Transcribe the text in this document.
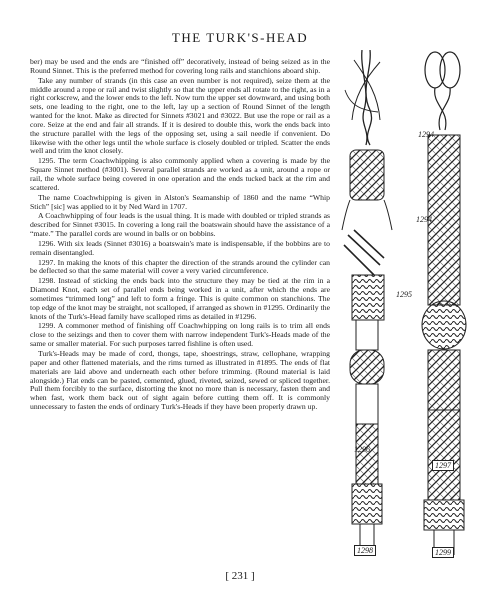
THE TURK'S-HEAD

ber) may be used and the ends are “finished off” decoratively, instead of being seized as in the Round Sinnet. This is the preferred method for covering long rails and stanchions aboard ship.

Take any number of strands (in this case an even number is not required), seize them at the middle around a rope or rail and twist slightly so that the upper ends all rotate to the right, as in a right corkscrew, and the lower ends to the left. Now turn the upper set downward, and using both sets, one leading to the right, one to the left, lay up a section of Round Sinnet of the length wanted for the knot. Make as directed for Sinnets #3021 and #3022. But use the rope or rail as a core. Seize at the end and fair all strands. If it is desired to double this, work the ends back into the structure parallel with the legs of the opposing set, using a sail needle if convenient. Do likewise with the other legs until the whole surface is closely doubled or tripled. Scatter the ends well and trim the knot closely.

1295. The term Coachwhipping is also commonly applied when a covering is made by the Square Sinnet method (#3001). Several parallel strands are worked as a unit, around a rope or rail, the whole surface being covered in one operation and the ends tucked back at the rim and scattered.

The name Coachwhipping is given in Alston's Seamanship of 1860 and the name “Whip Stich” [sic] was applied to it by Ned Ward in 1707.

A Coachwhipping of four leads is the usual thing. It is made with doubled or tripled strands as described for Sinnet #3015. In covering a long rail the boatswain should have the assistance of a “mate.” The parallel cords are wound in balls or on bobbins.

1296. With six leads (Sinnet #3016) a boatswain's mate is indispensable, if the bobbins are to remain disentangled.

1297. In making the knots of this chapter the direction of the strands around the cylinder can be deflected so that the same material will cover a very varied circumference.

1298. Instead of sticking the ends back into the structure they may be tied at the rim in a Diamond Knot, each set of parallel ends being worked in a unit, after which the ends are sometimes “trimmed long” and left to form a fringe. This is quite common on stanchions. The top edge of the knot may be straight, not scalloped, if arranged as shown in #1295. Ordinarily the knots of the Turk's-Head family have scalloped rims as detailed in #1296.

1299. A commoner method of finishing off Coachwhipping on long rails is to trim all ends close to the seizings and then to cover them with narrow independent Turk's-Heads made of the same or smaller material. For such purposes tarred fishline is often used.

Turk's-Heads may be made of cord, thongs, tape, shoestrings, straw, cellophane, wrapping paper and other flattened materials, and the rims turned as illustrated in #1895. The ends of flat materials are laid above and underneath each other before trimming. (Round material is laid alongside.) Flat ends can be pasted, cemented, glued, riveted, seized, sewed or spliced together. Pull them forcibly to the surface, distorting the knot no more than is necessary, fasten them and when fast, work them back out of sight again before cutting them off. It is commonly unnecessary to fasten the ends of ordinary Turk's-Heads if they have been properly drawn up.

1294
1294
1295
1296
1297
1298	1299
[ 231 ]
